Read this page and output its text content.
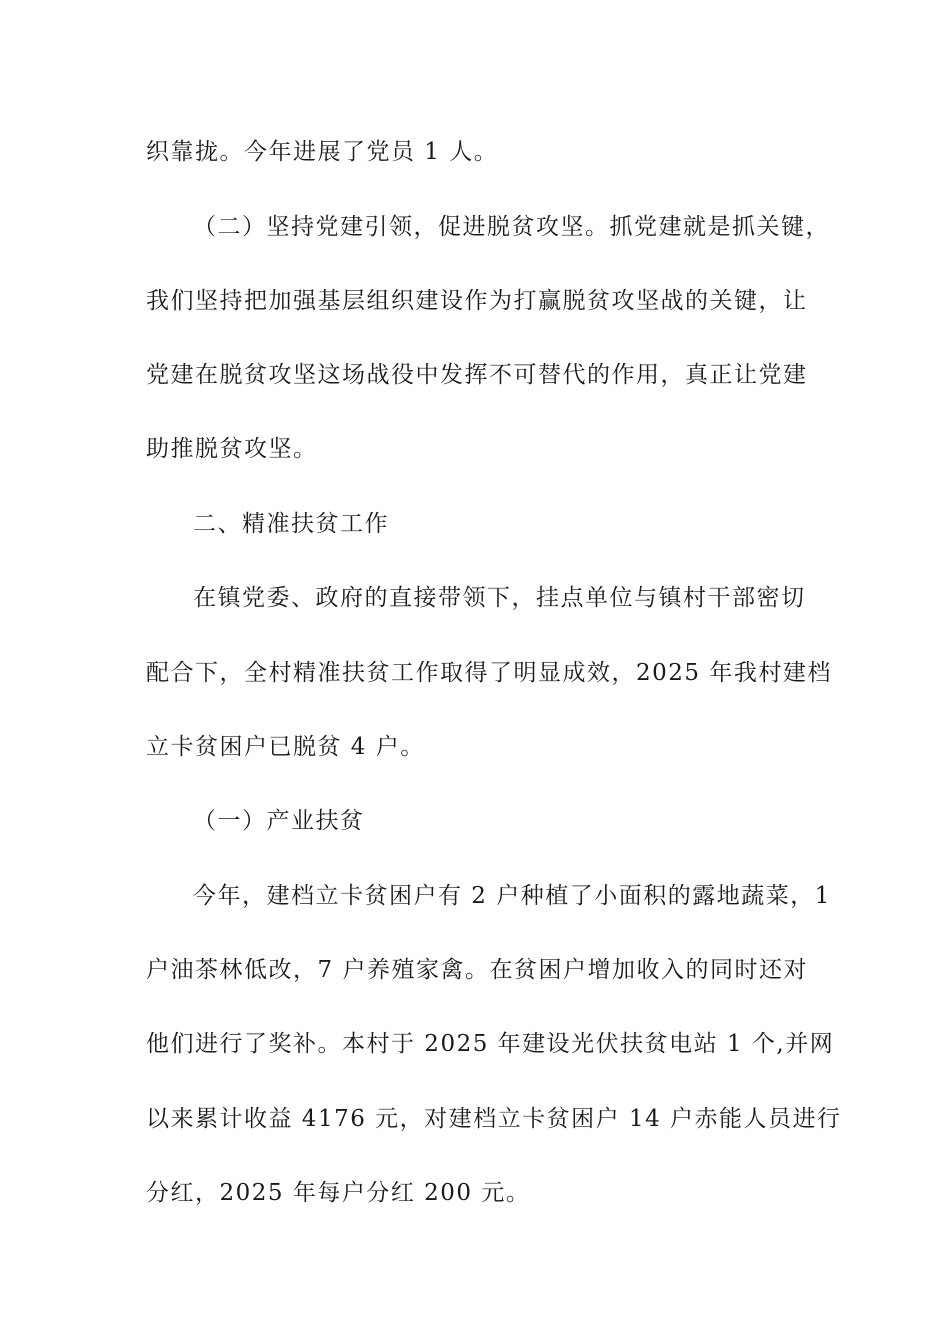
织靠拢。今年进展了党员 1 人。
（二）坚持党建引领，促进脱贫攻坚。抓党建就是抓关键，
我们坚持把加强基层组织建设作为打赢脱贫攻坚战的关键，让
党建在脱贫攻坚这场战役中发挥不可替代的作用，真正让党建
助推脱贫攻坚。
二、精准扶贫工作
在镇党委、政府的直接带领下，挂点单位与镇村干部密切
配合下，全村精准扶贫工作取得了明显成效，2025 年我村建档
立卡贫困户已脱贫 4 户。
（一）产业扶贫
今年，建档立卡贫困户有 2 户种植了小面积的露地蔬菜，1
户油茶林低改，7 户养殖家禽。在贫困户增加收入的同时还对
他们进行了奖补。本村于 2025 年建设光伏扶贫电站 1 个,并网
以来累计收益 4176 元，对建档立卡贫困户 14 户赤能人员进行
分红，2025 年每户分红 200 元。
